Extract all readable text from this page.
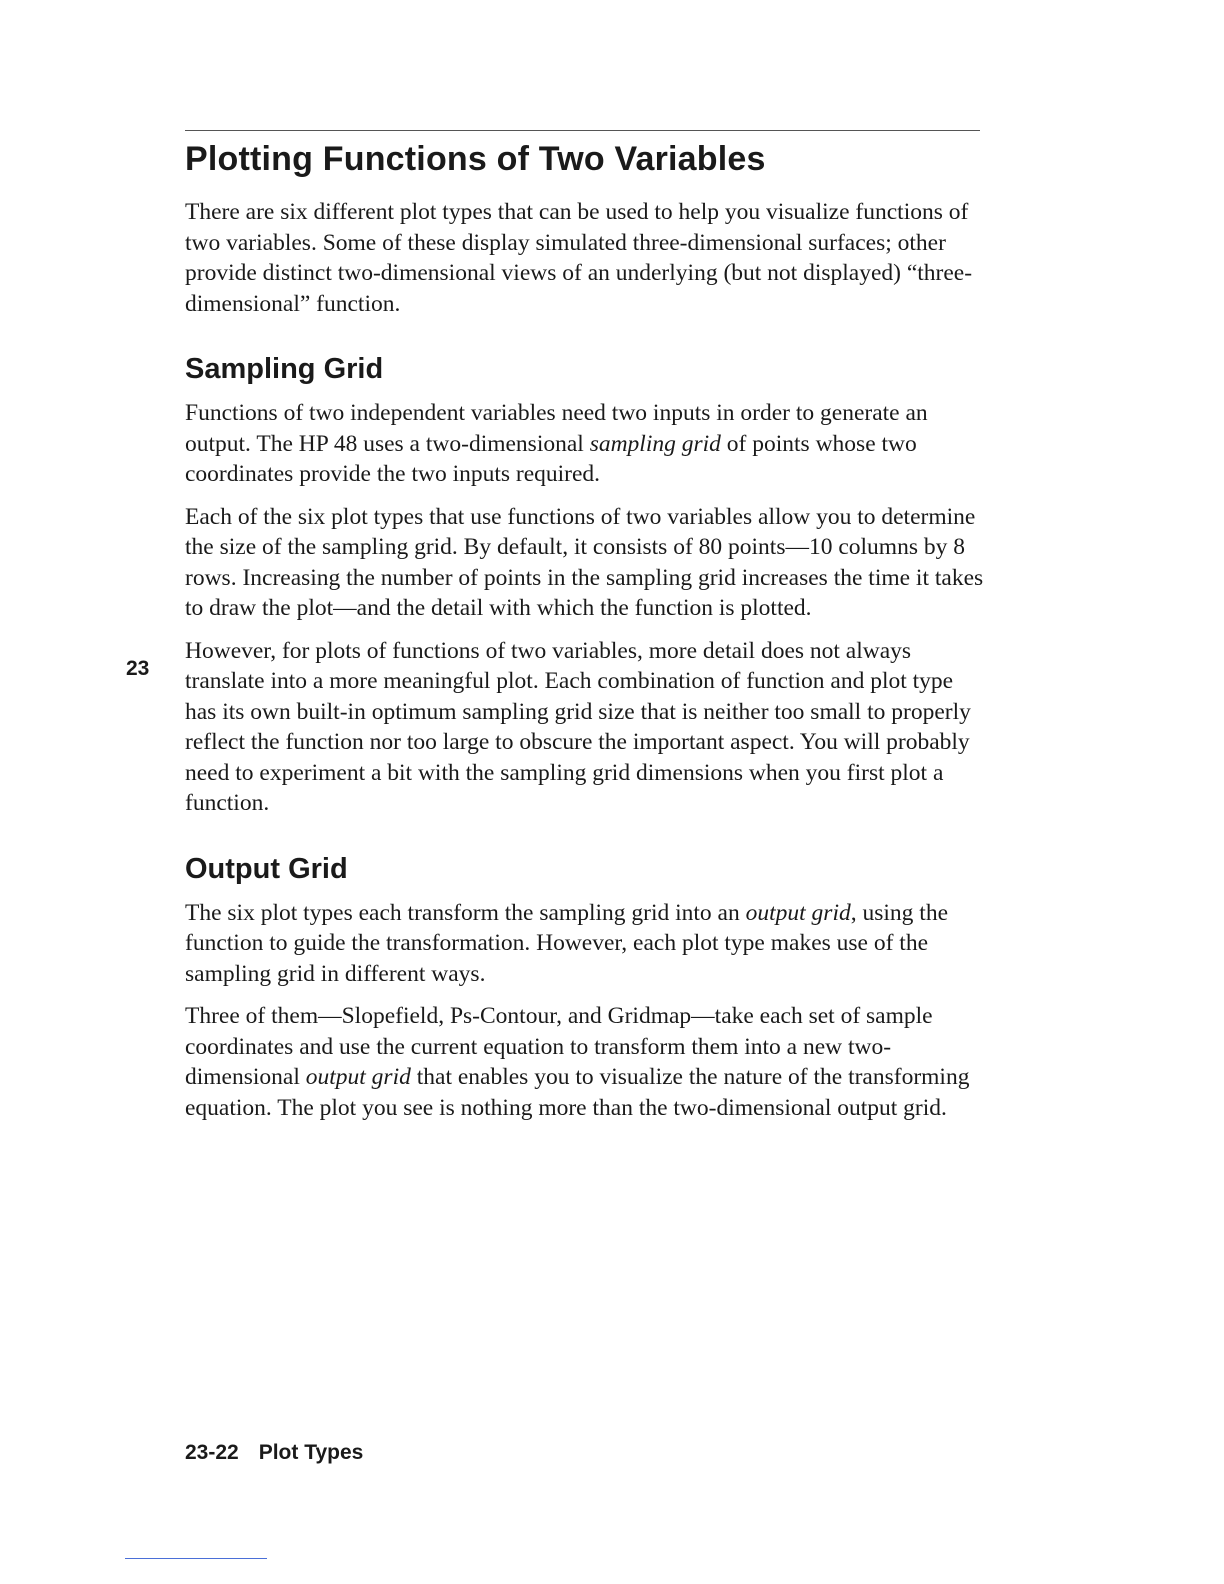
Plotting Functions of Two Variables

There are six different plot types that can be used to help you visualize functions of two variables. Some of these display simulated three-dimensional surfaces; other provide distinct two-dimensional views of an underlying (but not displayed) “three-dimensional” function.

Sampling Grid

Functions of two independent variables need two inputs in order to generate an output. The HP 48 uses a two-dimensional sampling grid of points whose two coordinates provide the two inputs required.

Each of the six plot types that use functions of two variables allow you to determine the size of the sampling grid. By default, it consists of 80 points—10 columns by 8 rows. Increasing the number of points in the sampling grid increases the time it takes to draw the plot—and the detail with which the function is plotted.

However, for plots of functions of two variables, more detail does not always translate into a more meaningful plot. Each combination of function and plot type has its own built-in optimum sampling grid size that is neither too small to properly reflect the function nor too large to obscure the important aspect. You will probably need to experiment a bit with the sampling grid dimensions when you first plot a function.

Output Grid

The six plot types each transform the sampling grid into an output grid, using the function to guide the transformation. However, each plot type makes use of the sampling grid in different ways.

Three of them—Slopefield, Ps-Contour, and Gridmap—take each set of sample coordinates and use the current equation to transform them into a new two-dimensional output grid that enables you to visualize the nature of the transforming equation. The plot you see is nothing more than the two-dimensional output grid.

23
23-22 Plot Types
